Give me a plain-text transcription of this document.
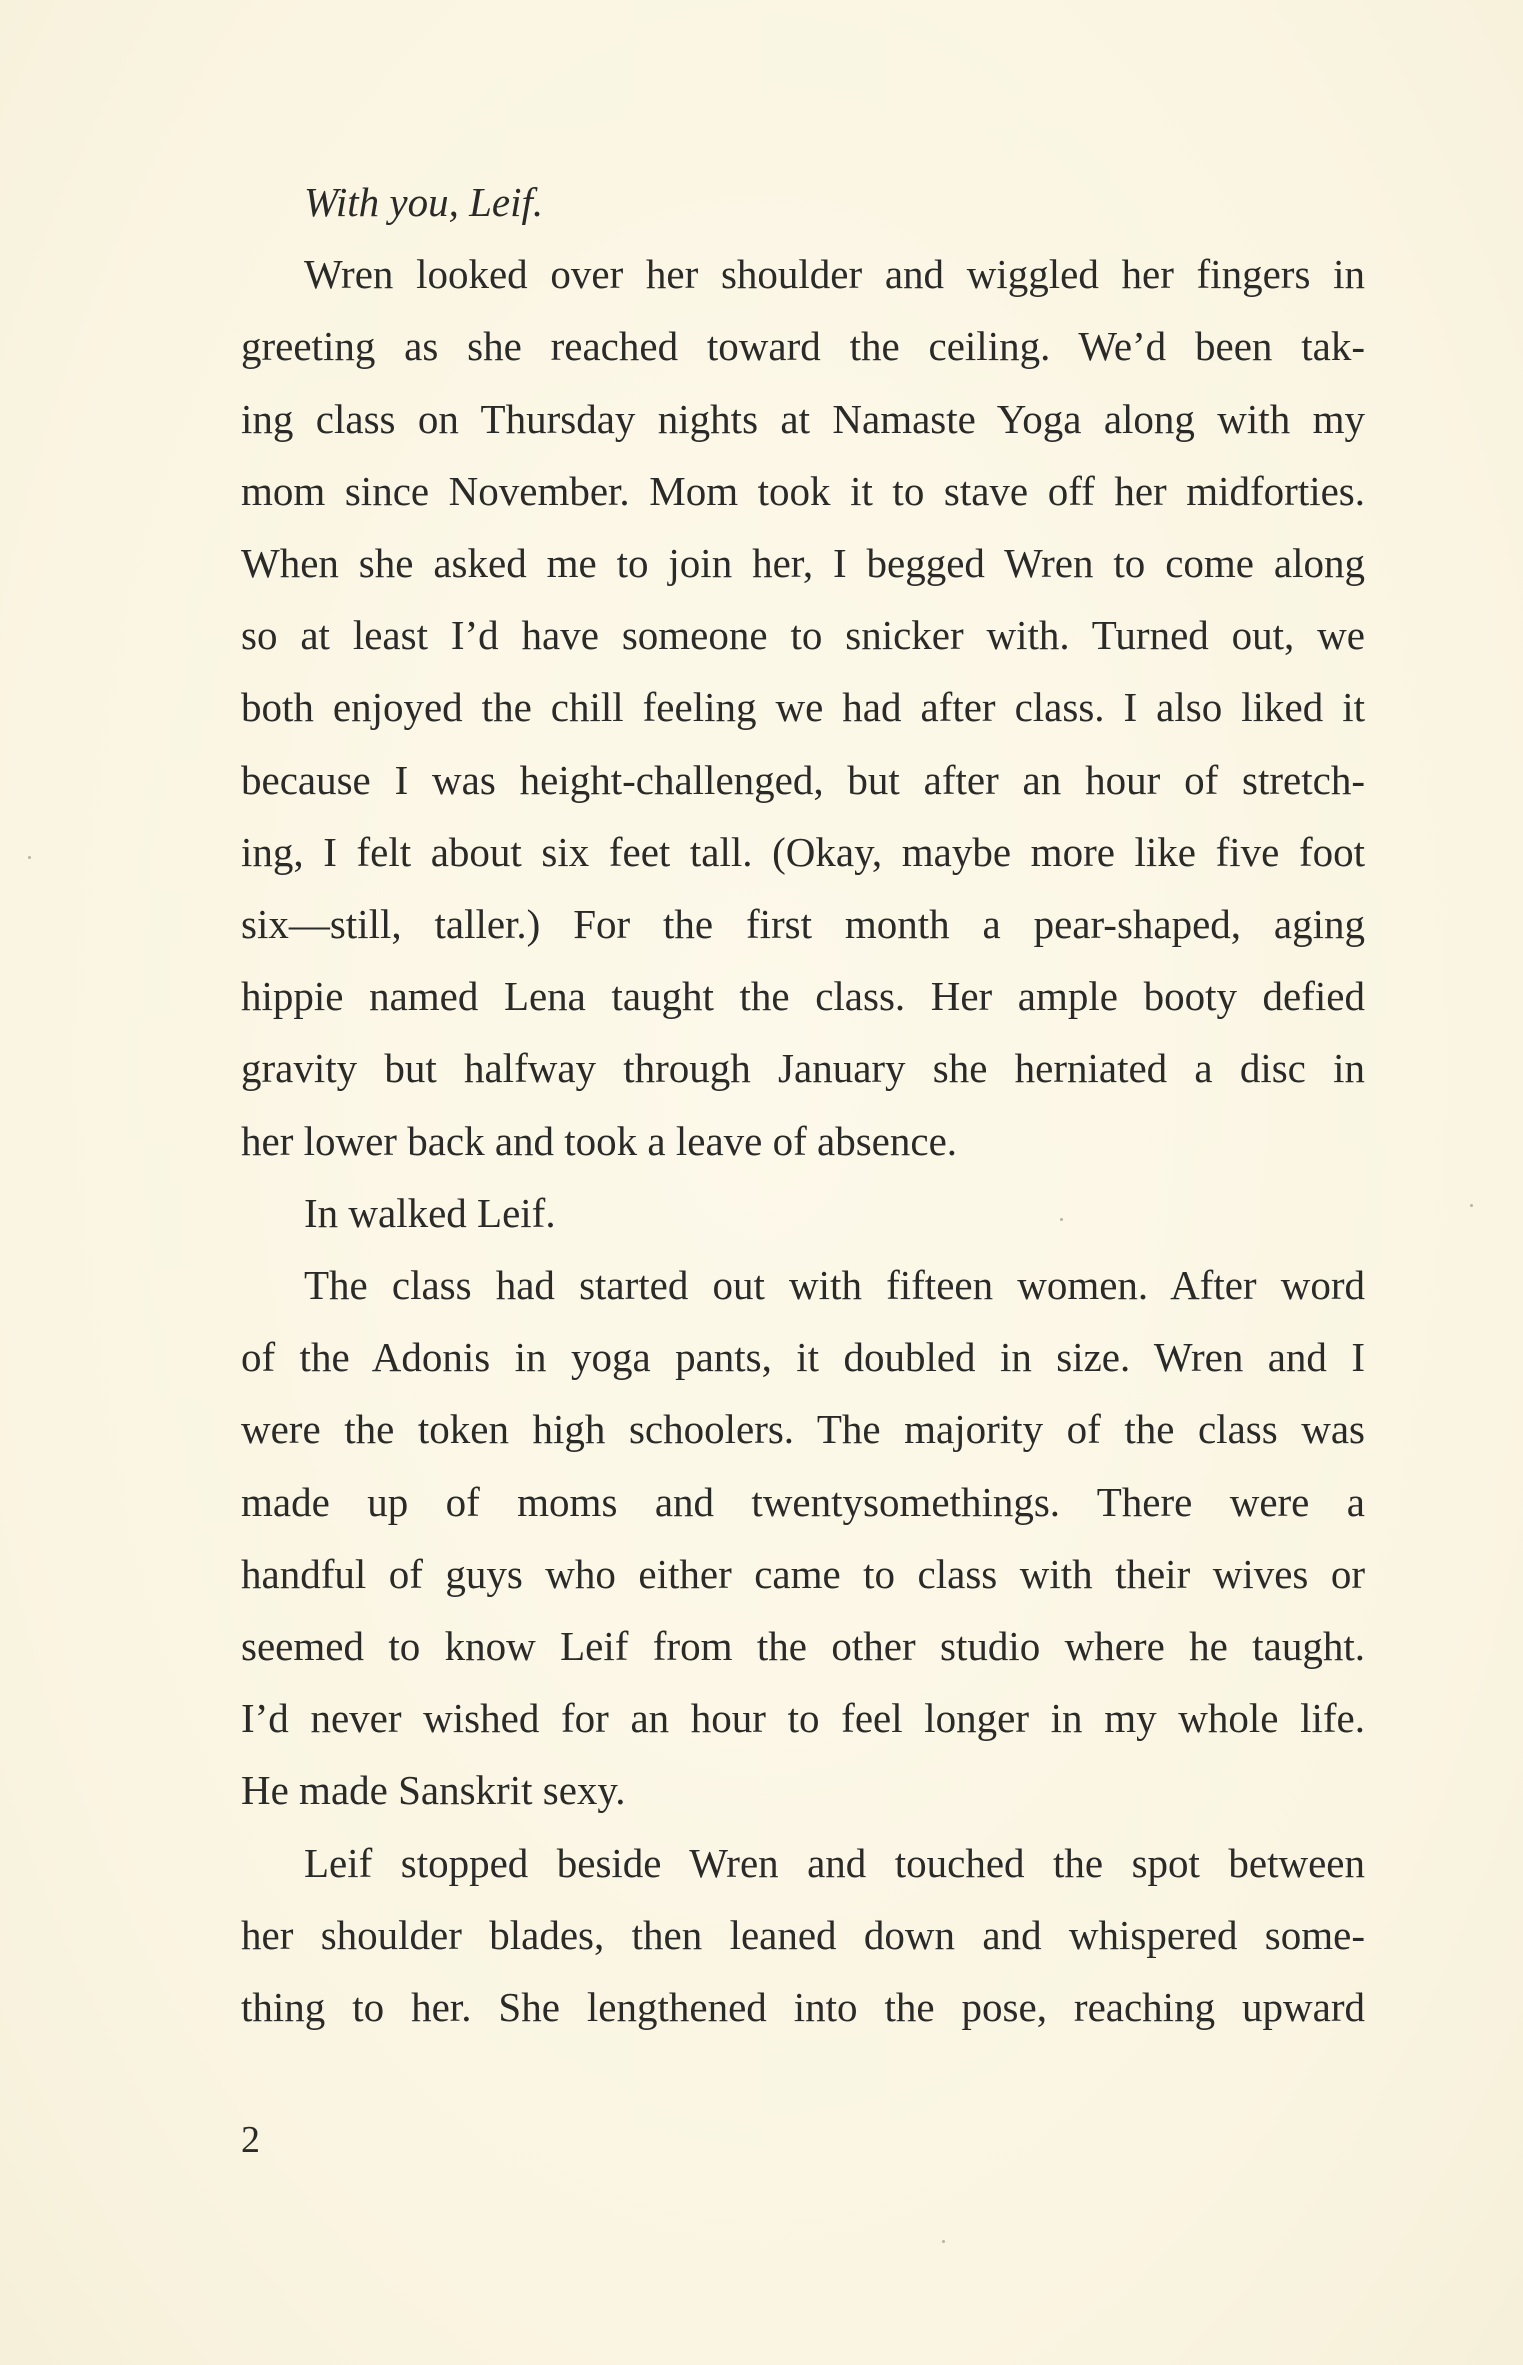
With you, Leif.

Wren looked over her shoulder and wiggled her fingers in
greeting as she reached toward the ceiling. We’d been tak-
ing class on Thursday nights at Namaste Yoga along with my
mom since November. Mom took it to stave off her midforties.
When she asked me to join her, I begged Wren to come along
so at least I’d have someone to snicker with. Turned out, we
both enjoyed the chill feeling we had after class. I also liked it
because I was height-challenged, but after an hour of stretch-
ing, I felt about six feet tall. (Okay, maybe more like five foot
six—still, taller.) For the first month a pear-shaped, aging
hippie named Lena taught the class. Her ample booty defied
gravity but halfway through January she herniated a disc in
her lower back and took a leave of absence.

In walked Leif.

The class had started out with fifteen women. After word
of the Adonis in yoga pants, it doubled in size. Wren and I
were the token high schoolers. The majority of the class was
made up of moms and twentysomethings. There were a
handful of guys who either came to class with their wives or
seemed to know Leif from the other studio where he taught.
I’d never wished for an hour to feel longer in my whole life.
He made Sanskrit sexy.

Leif stopped beside Wren and touched the spot between
her shoulder blades, then leaned down and whispered some-
thing to her. She lengthened into the pose, reaching upward

2
